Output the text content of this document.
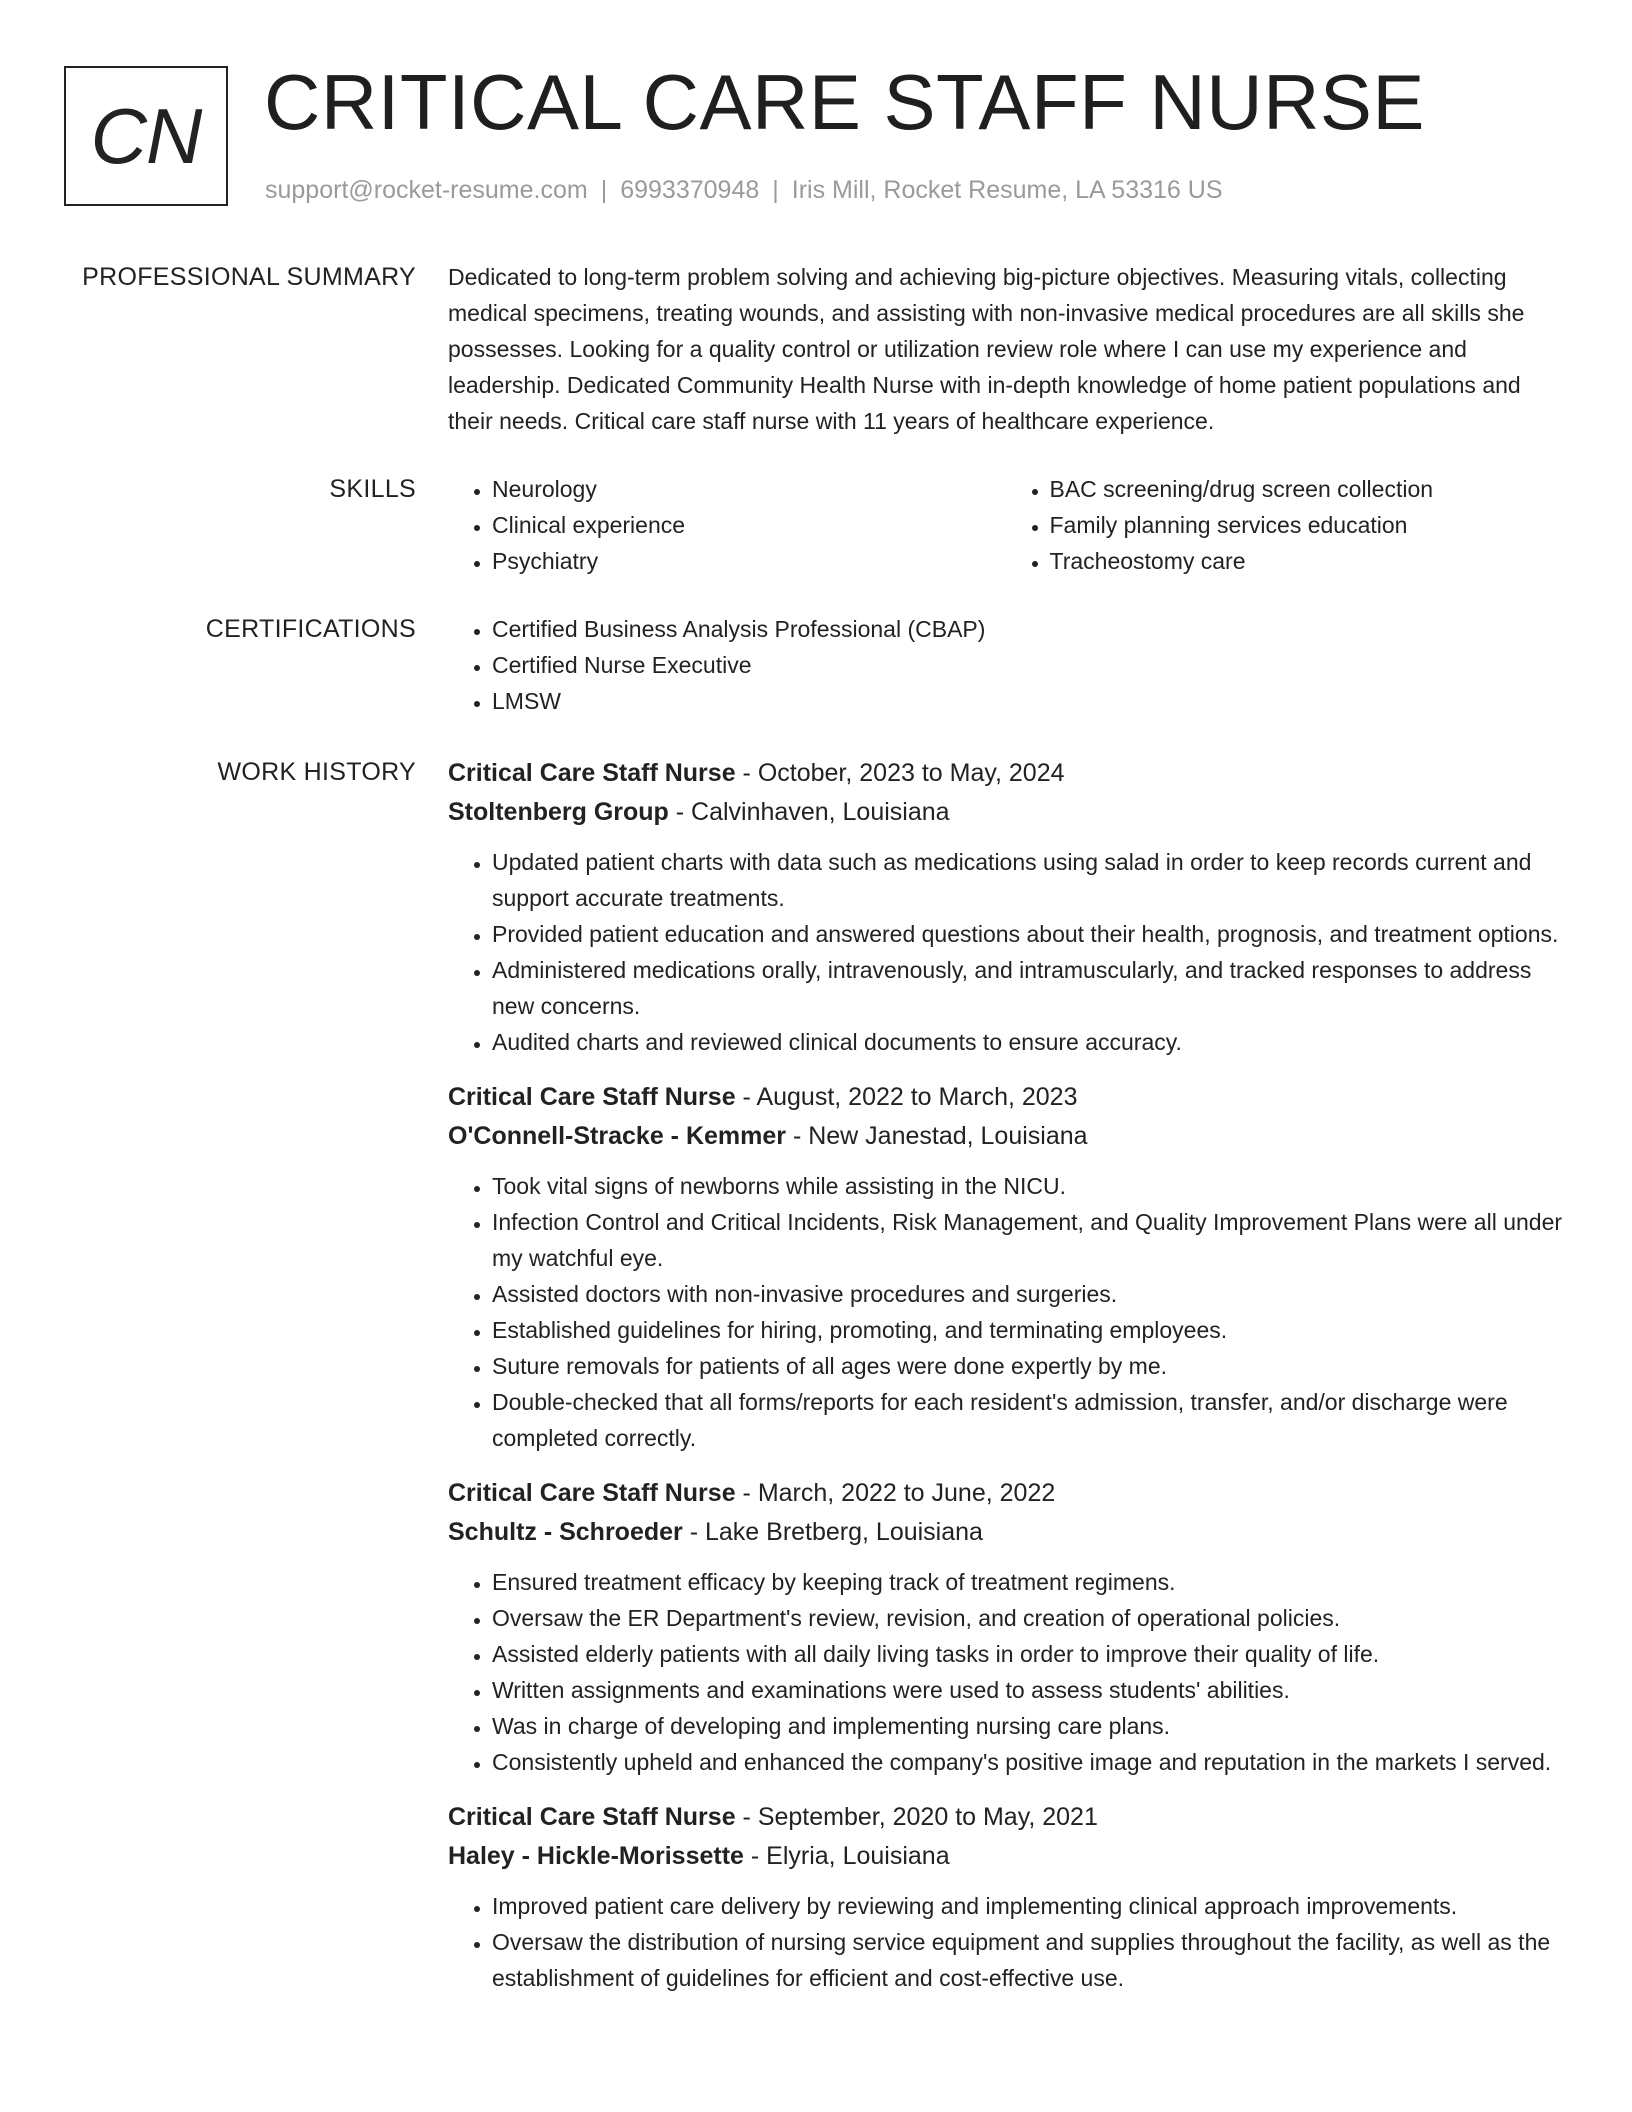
CN CRITICAL CARE STAFF NURSE
support@rocket-resume.com | 6993370948 | Iris Mill, Rocket Resume, LA 53316 US
PROFESSIONAL SUMMARY Dedicated to long-term problem solving and achieving big-picture objectives. Measuring vitals, collecting medical specimens, treating wounds, and assisting with non-invasive medical procedures are all skills she possesses. Looking for a quality control or utilization review role where I can use my experience and leadership. Dedicated Community Health Nurse with in-depth knowledge of home patient populations and their needs. Critical care staff nurse with 11 years of healthcare experience.

SKILLS	• Neurology
• Clinical experience
• Psychiatry
• BAC screening/drug screen collection
• Family planning services education
• Tracheostomy care
CERTIFICATIONS	• Certified Business Analysis Professional (CBAP)
• Certified Nurse Executive
• LMSW
WORK HISTORY Critical Care Staff Nurse - October, 2023 to May, 2024
Stoltenberg Group - Calvinhaven, Louisiana
• Updated patient charts with data such as medications using salad in order to keep records current and support accurate treatments.
• Provided patient education and answered questions about their health, prognosis, and treatment options.
• Administered medications orally, intravenously, and intramuscularly, and tracked responses to address new concerns.
• Audited charts and reviewed clinical documents to ensure accuracy.
Critical Care Staff Nurse - August, 2022 to March, 2023
O'Connell-Stracke - Kemmer - New Janestad, Louisiana
• Took vital signs of newborns while assisting in the NICU.
• Infection Control and Critical Incidents, Risk Management, and Quality Improvement Plans were all under my watchful eye.
• Assisted doctors with non-invasive procedures and surgeries.
• Established guidelines for hiring, promoting, and terminating employees.
• Suture removals for patients of all ages were done expertly by me.
• Double-checked that all forms/reports for each resident's admission, transfer, and/or discharge were completed correctly.
Critical Care Staff Nurse - March, 2022 to June, 2022
Schultz - Schroeder - Lake Bretberg, Louisiana
• Ensured treatment efficacy by keeping track of treatment regimens.
• Oversaw the ER Department's review, revision, and creation of operational policies.
• Assisted elderly patients with all daily living tasks in order to improve their quality of life.
• Written assignments and examinations were used to assess students' abilities.
• Was in charge of developing and implementing nursing care plans.
• Consistently upheld and enhanced the company's positive image and reputation in the markets I served.
Critical Care Staff Nurse - September, 2020 to May, 2021
Haley - Hickle-Morissette - Elyria, Louisiana
• Improved patient care delivery by reviewing and implementing clinical approach improvements.
• Oversaw the distribution of nursing service equipment and supplies throughout the facility, as well as the establishment of guidelines for efficient and cost-effective use.
